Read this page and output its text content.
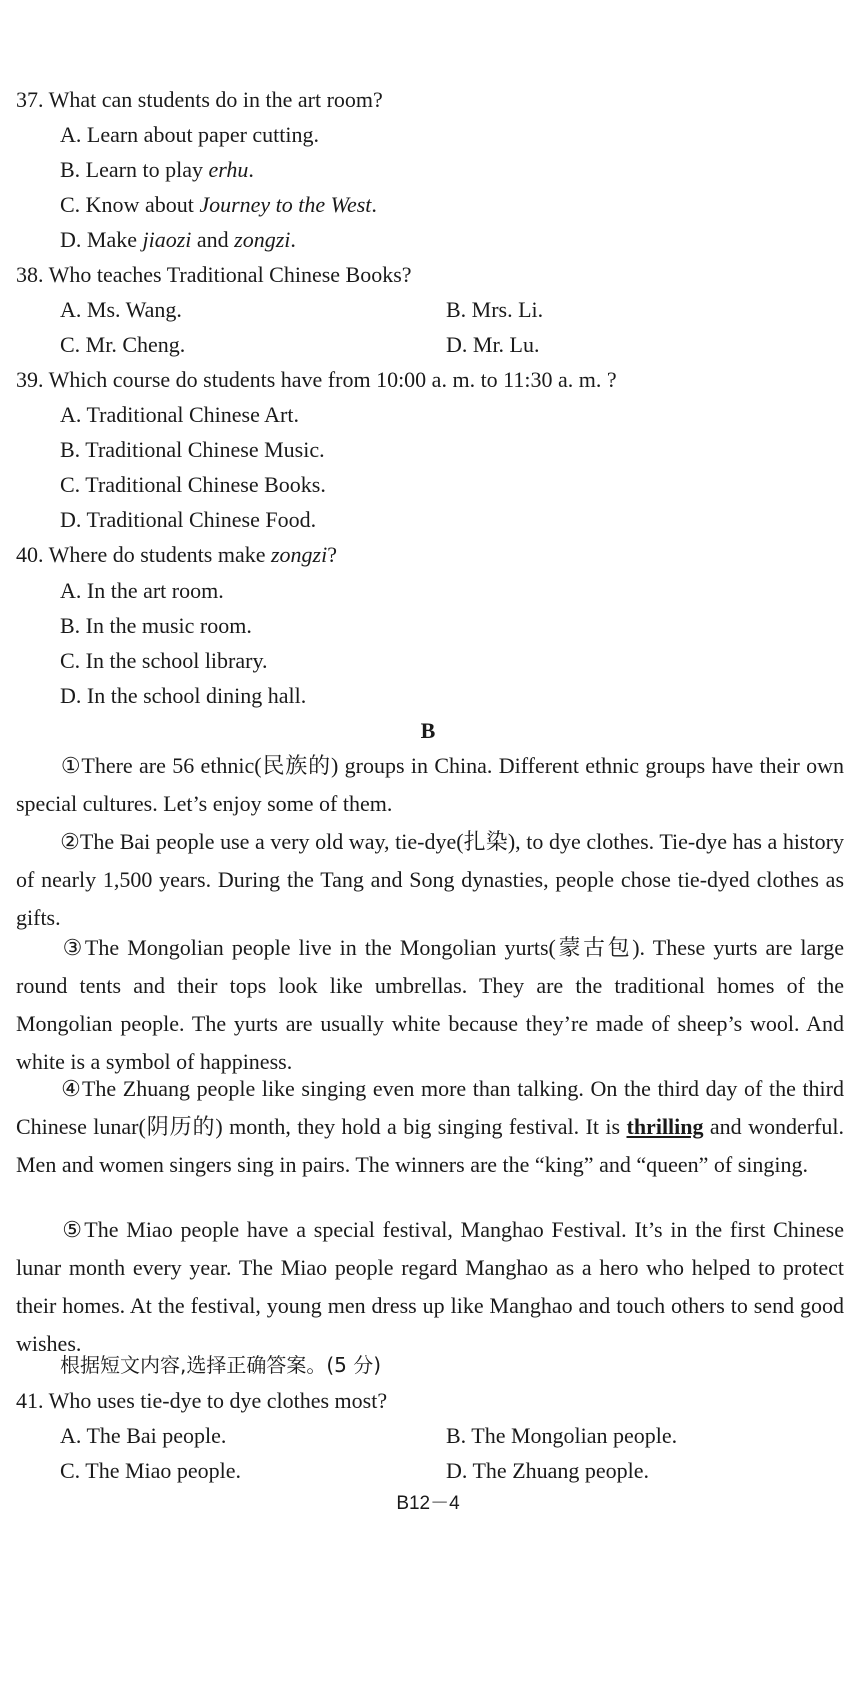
37. What can students do in the art room?
A. Learn about paper cutting.
B. Learn to play erhu.
C. Know about Journey to the West.
D. Make jiaozi and zongzi.
38. Who teaches Traditional Chinese Books?
A. Ms. Wang.	B. Mrs. Li.
C. Mr. Cheng.	D. Mr. Lu.
39. Which course do students have from 10:00 a. m. to 11:30 a. m. ?
A. Traditional Chinese Art.
B. Traditional Chinese Music.
C. Traditional Chinese Books.
D. Traditional Chinese Food.
40. Where do students make zongzi?
A. In the art room.
B. In the music room.
C. In the school library.
D. In the school dining hall.
B
①There are 56 ethnic(民族的) groups in China. Different ethnic groups have their own special cultures. Let’s enjoy some of them.
②The Bai people use a very old way, tie-dye(扎染), to dye clothes. Tie-dye has a history of nearly 1,500 years. During the Tang and Song dynasties, people chose tie-dyed clothes as gifts.
③The Mongolian people live in the Mongolian yurts(蒙古包). These yurts are large round tents and their tops look like umbrellas. They are the traditional homes of the Mongolian people. The yurts are usually white because they’re made of sheep’s wool. And white is a symbol of happiness.
④The Zhuang people like singing even more than talking. On the third day of the third Chinese lunar(阴历的) month, they hold a big singing festival. It is thrilling and wonderful. Men and women singers sing in pairs. The winners are the “king” and “queen” of singing.
⑤The Miao people have a special festival, Manghao Festival. It’s in the first Chinese lunar month every year. The Miao people regard Manghao as a hero who helped to protect their homes. At the festival, young men dress up like Manghao and touch others to send good wishes.
根据短文内容,选择正确答案。(5 分)
41. Who uses tie-dye to dye clothes most?
A. The Bai people.	B. The Mongolian people.
C. The Miao people.	D. The Zhuang people.
B12－4
